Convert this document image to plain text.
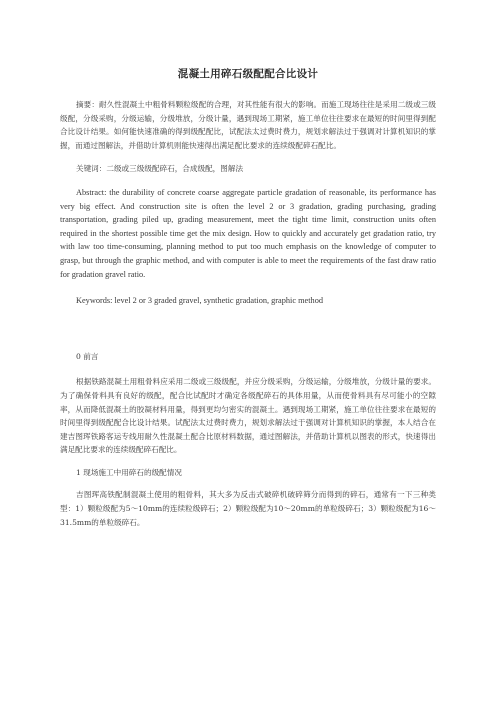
混凝土用碎石级配配合比设计

摘要：耐久性混凝土中粗骨料颗粒级配的合理，对其性能有很大的影响。而施工现场往往是采用二级或三级级配，分级采购，分级运输，分级堆放，分级计量，遇到现场工期紧，施工单位往往要求在最短的时间里得到配合比设计结果。如何能快速准确的得到级配配比，试配法太过费时费力，规划求解法过于强调对计算机知识的掌握，而通过图解法，并借助计算机则能快速得出满足配比要求的连续级配碎石配比。

关键词：二级或三级级配碎石，合成级配，图解法

Abstract: the durability of concrete coarse aggregate particle gradation of reasonable, its performance has very big effect. And construction site is often the level 2 or 3 gradation, grading purchasing, grading transportation, grading piled up, grading measurement, meet the tight time limit, construction units often required in the shortest possible time get the mix design. How to quickly and accurately get gradation ratio, try with law too time-consuming, planning method to put too much emphasis on the knowledge of computer to grasp, but through the graphic method, and with computer is able to meet the requirements of the fast draw ratio for gradation gravel ratio.

Keywords: level 2 or 3 graded gravel, synthetic gradation, graphic method

0 前言

根据铁路混凝土用粗骨料应采用二级或三级级配，并应分级采购，分级运输，分级堆放，分级计量的要求。为了确保骨料具有良好的级配，配合比试配时才确定各级配碎石的具体用量，从而使骨料具有尽可能小的空隙率，从而降低混凝土的胶凝材料用量，得到更均匀密实的混凝土。遇到现场工期紧，施工单位往往要求在最短的时间里得到级配配合比设计结果。试配法太过费时费力，规划求解法过于强调对计算机知识的掌握，本人结合在建吉图珲铁路客运专线用耐久性混凝土配合比原材料数据，通过图解法，并借助计算机以图表的形式，快速得出满足配比要求的连续级配碎石配比。

1 现场施工中用碎石的级配情况

吉图珲高铁配制混凝土使用的粗骨料，其大多为反击式破碎机破碎筛分而得到的碎石，通常有一下三种类型：1）颗粒级配为5～10mm的连续粒级碎石；2）颗粒级配为10～20mm的单粒级碎石；3）颗粒级配为16～31.5mm的单粒级碎石。
